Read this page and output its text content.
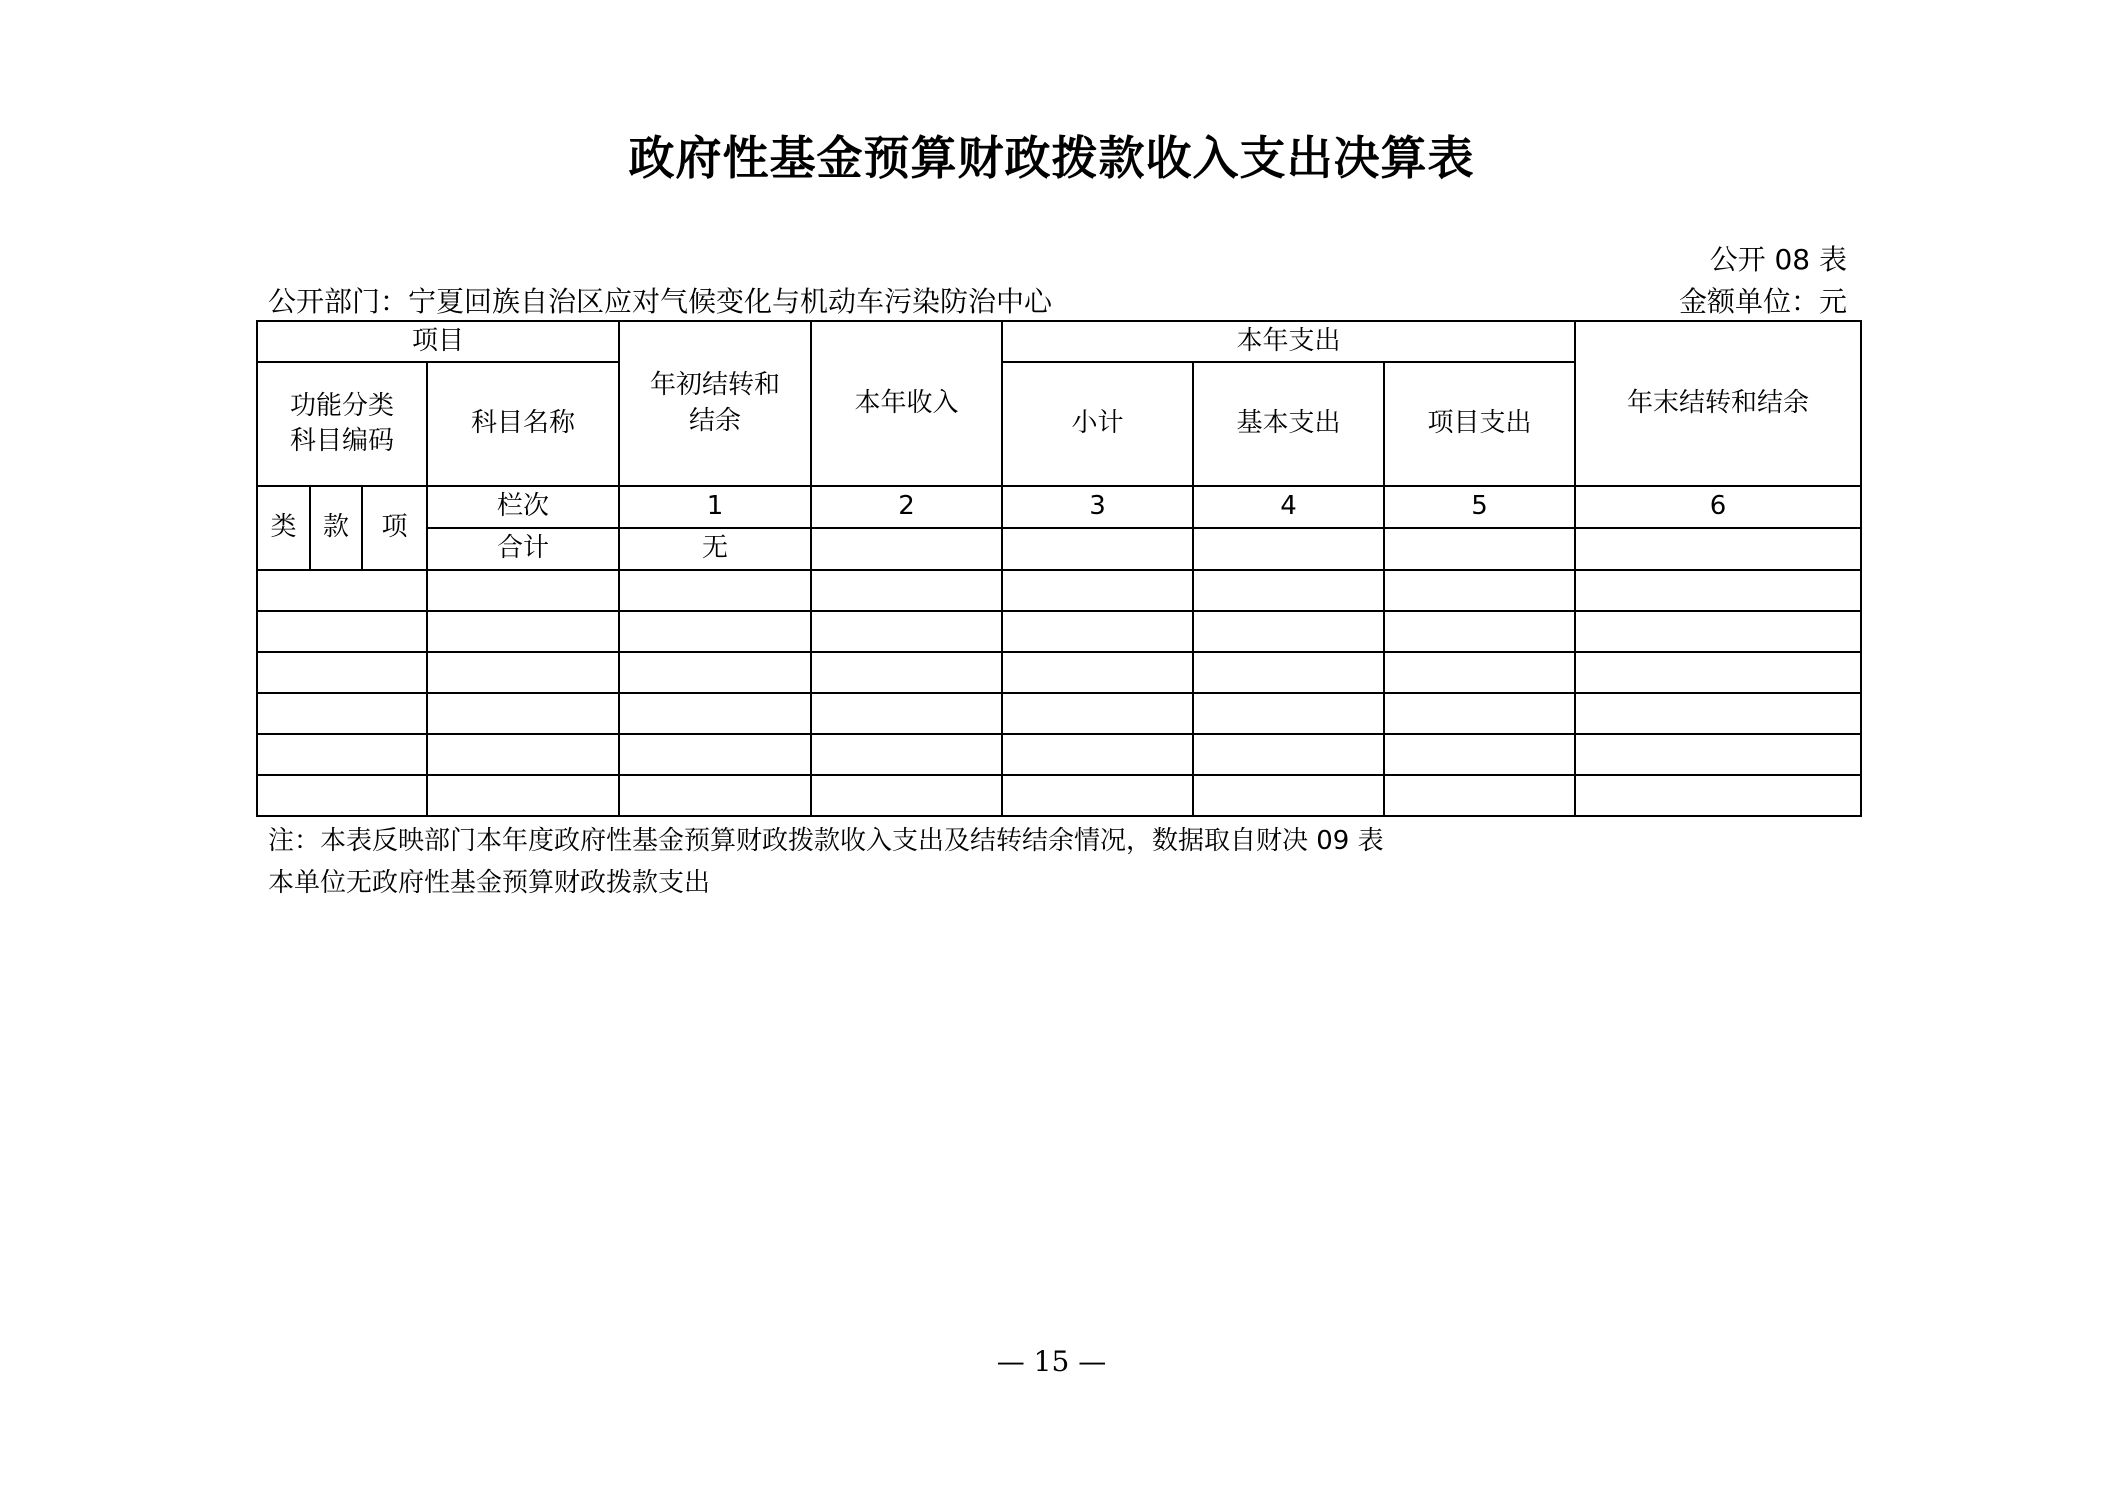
政府性基金预算财政拨款收入支出决算表
公开 08 表
公开部门：宁夏回族自治区应对气候变化与机动车污染防治中心	金额单位：元
项目				年初结转和结余	本年收入	本年支出			年末结转和结余

功能分类科目编码			科目名称			小计	基本支出	项目支出	
类	款	项	栏次	1	2	3	4	5	6
			合计	无					

注：本表反映部门本年度政府性基金预算财政拨款收入支出及结转结余情况，数据取自财决 09 表
本单位无政府性基金预算财政拨款支出
— 15 —
